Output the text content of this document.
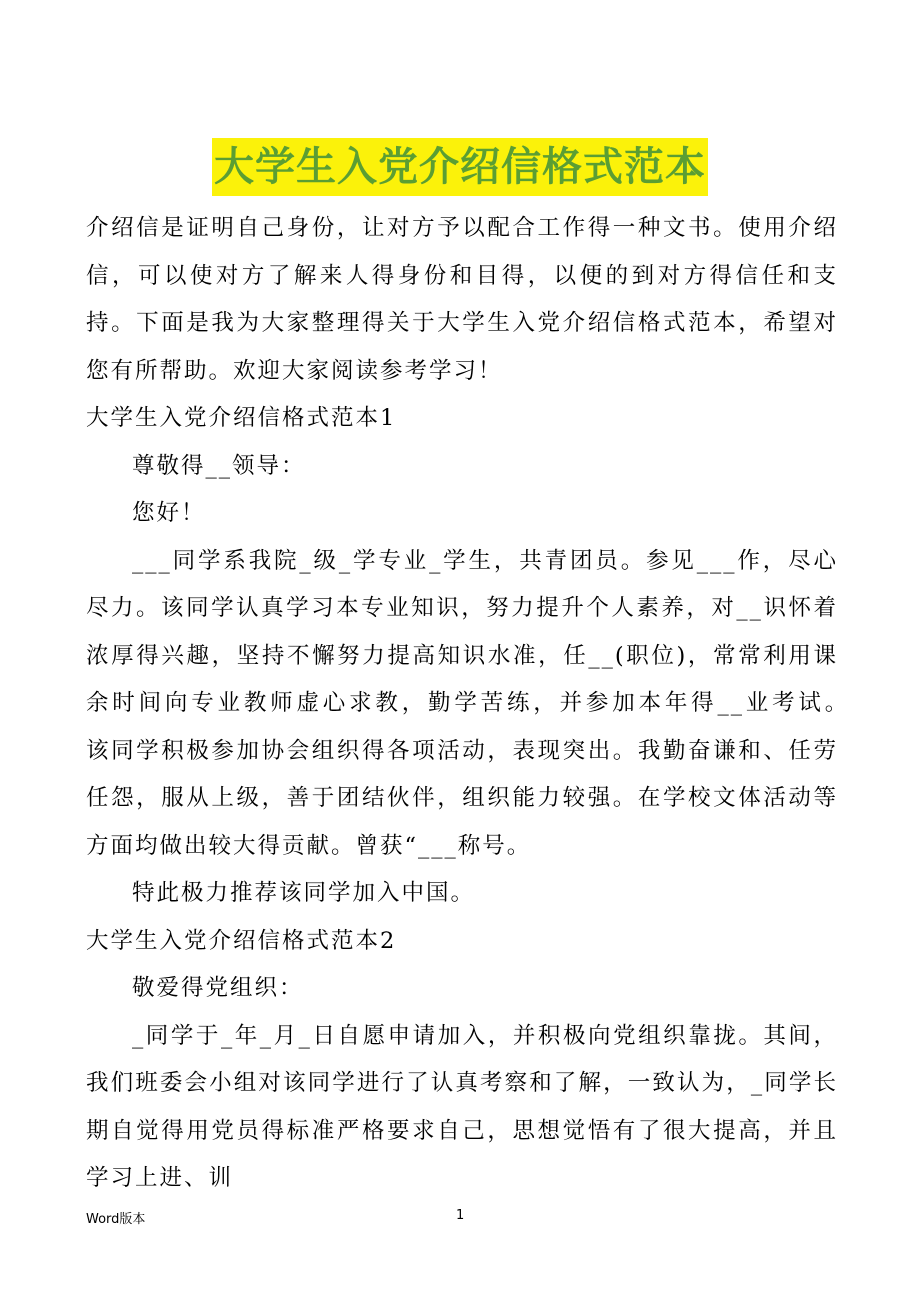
大学生入党介绍信格式范本

介绍信是证明自己身份，让对方予以配合工作得一种文书。使用介绍信，可以使对方了解来人得身份和目得，以便的到对方得信任和支持。下面是我为大家整理得关于大学生入党介绍信格式范本，希望对您有所帮助。欢迎大家阅读参考学习！

大学生入党介绍信格式范本1

尊敬得__领导：

您好！

___同学系我院_级_学专业_学生，共青团员。参见___作，尽心尽力。该同学认真学习本专业知识，努力提升个人素养，对__识怀着浓厚得兴趣，坚持不懈努力提高知识水准，任__(职位)，常常利用课余时间向专业教师虚心求教，勤学苦练，并参加本年得__业考试。　　该同学积极参加协会组织得各项活动，表现突出。我勤奋谦和、任劳任怨，服从上级，善于团结伙伴，组织能力较强。在学校文体活动等方面均做出较大得贡献。曾获“___称号。

特此极力推荐该同学加入中国。

大学生入党介绍信格式范本2

敬爱得党组织：

_同学于_年_月_日自愿申请加入，并积极向党组织靠拢。其间，我们班委会小组对该同学进行了认真考察和了解，一致认为，_同学长期自觉得用党员得标准严格要求自己，思想觉悟有了很大提高，并且学习上进、训

Word版本	1
